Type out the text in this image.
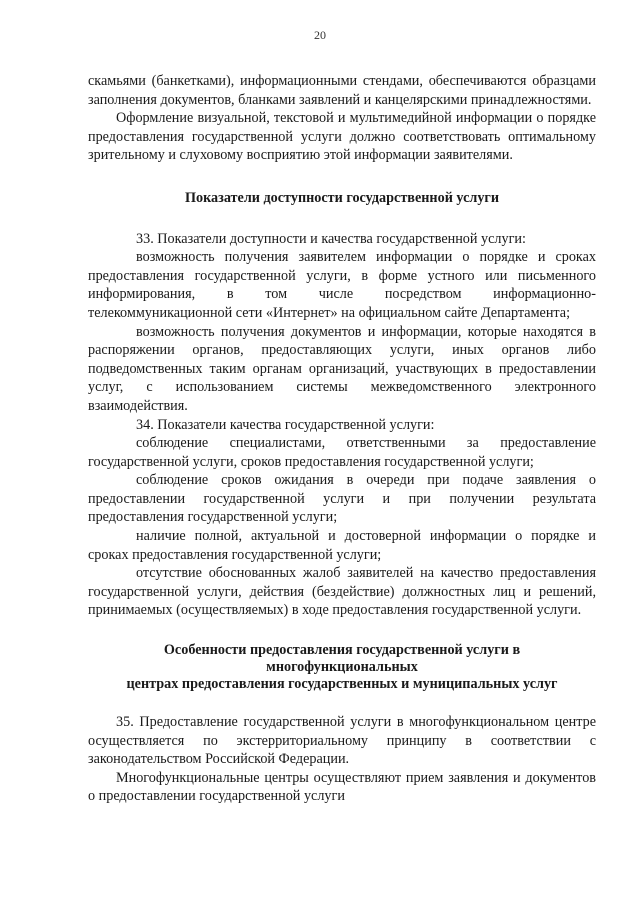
20

скамьями (банкетками), информационными стендами, обеспечиваются образцами заполнения документов, бланками заявлений и канцелярскими принадлежностями.

Оформление визуальной, текстовой и мультимедийной информации о порядке предоставления государственной услуги должно соответствовать оптимальному зрительному и слуховому восприятию этой информации заявителями.

Показатели доступности государственной услуги

33. Показатели доступности и качества государственной услуги:

возможность получения заявителем информации о порядке и сроках предоставления государственной услуги, в форме устного или письменного информирования, в том числе посредством информационно-телекоммуникационной сети «Интернет» на официальном сайте Департамента;

возможность получения документов и информации, которые находятся в распоряжении органов, предоставляющих услуги, иных органов либо подведомственных таким органам организаций, участвующих в предоставлении услуг, с использованием системы межведомственного электронного взаимодействия.

34. Показатели качества государственной услуги:

соблюдение специалистами, ответственными за предоставление государственной услуги, сроков предоставления государственной услуги;

соблюдение сроков ожидания в очереди при подаче заявления о предоставлении государственной услуги и при получении результата предоставления государственной услуги;

наличие полной, актуальной и достоверной информации о порядке и сроках предоставления государственной услуги;

отсутствие обоснованных жалоб заявителей на качество предоставления государственной услуги, действия (бездействие) должностных лиц и решений, принимаемых (осуществляемых) в ходе предоставления государственной услуги.

Особенности предоставления государственной услуги в
многофункциональных
центрах предоставления государственных и муниципальных услуг

35. Предоставление государственной услуги в многофункциональном центре осуществляется по экстерриториальному принципу в соответствии с законодательством Российской Федерации.

Многофункциональные центры осуществляют прием заявления и документов о предоставлении государственной услуги
